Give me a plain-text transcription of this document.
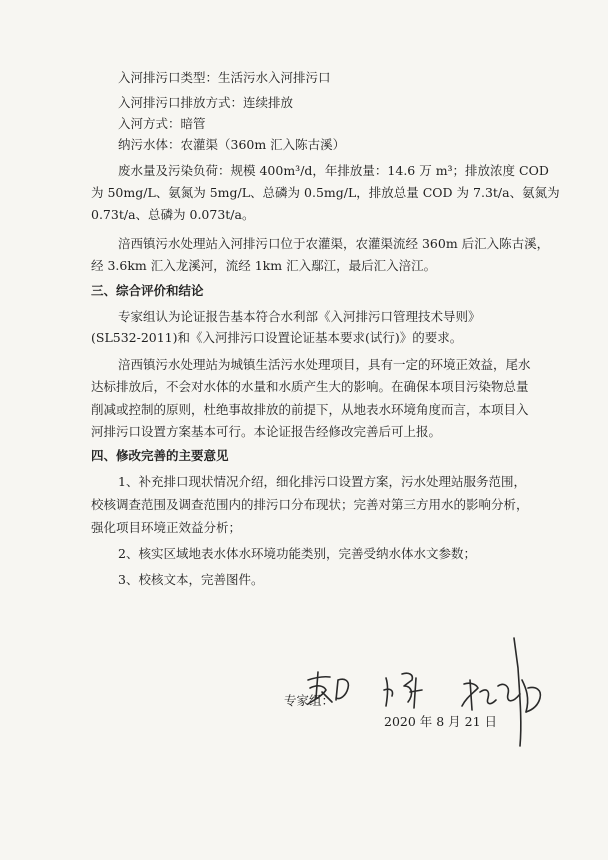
入河排污口类型：生活污水入河排污口

入河排污口排放方式：连续排放

入河方式：暗管

纳污水体：农灌渠（360m 汇入陈古溪）

废水量及污染负荷：规模 400m³/d，年排放量：14.6 万 m³；排放浓度 COD

为 50mg/L、氨氮为 5mg/L、总磷为 0.5mg/L，排放总量 COD 为 7.3t/a、氨氮为

0.73t/a、总磷为 0.073t/a。

涪西镇污水处理站入河排污口位于农灌渠，农灌渠流经 360m 后汇入陈古溪，

经 3.6km 汇入龙溪河，流经 1km 汇入鄢江，最后汇入涪江。

三、综合评价和结论

专家组认为论证报告基本符合水利部《入河排污口管理技术导则》

(SL532-2011)和《入河排污口设置论证基本要求(试行)》的要求。

涪西镇污水处理站为城镇生活污水处理项目，具有一定的环境正效益，尾水

达标排放后，不会对水体的水量和水质产生大的影响。在确保本项目污染物总量

削减或控制的原则，杜绝事故排放的前提下，从地表水环境角度而言，本项目入

河排污口设置方案基本可行。本论证报告经修改完善后可上报。

四、修改完善的主要意见

1、补充排口现状情况介绍，细化排污口设置方案，污水处理站服务范围，

校核调查范围及调查范围内的排污口分布现状；完善对第三方用水的影响分析，

强化项目环境正效益分析；

2、核实区域地表水体水环境功能类别，完善受纳水体水文参数；

3、校核文本，完善图件。

专家组：
2020 年 8 月 21 日
